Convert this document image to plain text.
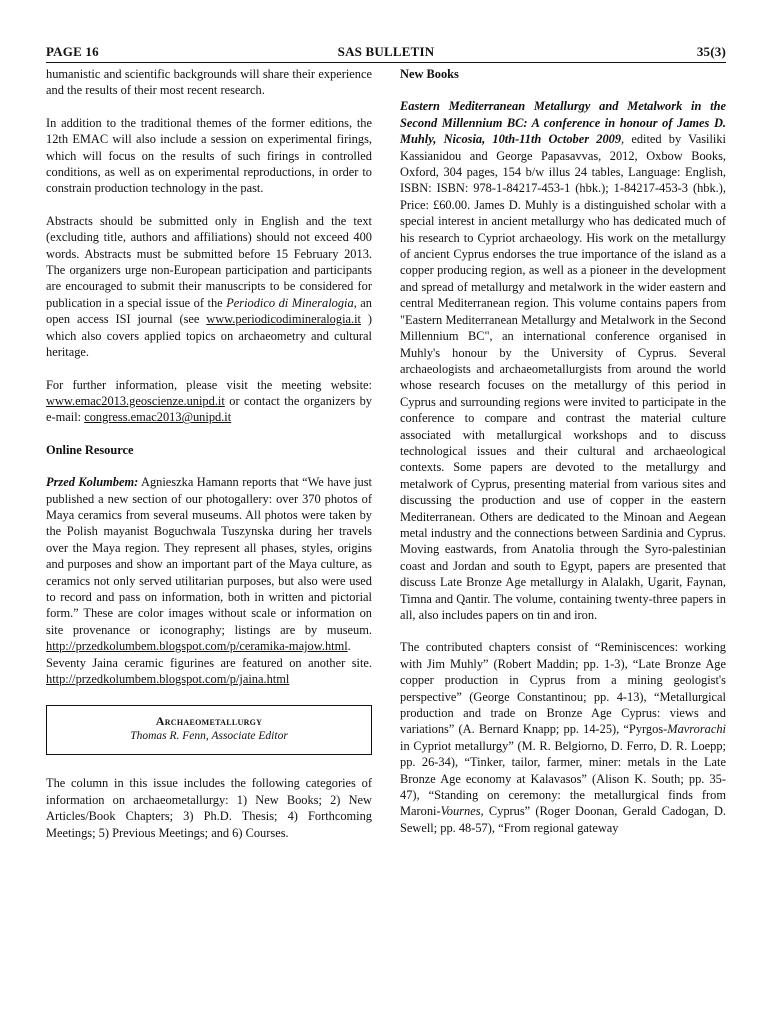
PAGE 16	SAS BULLETIN	35(3)

humanistic and scientific backgrounds will share their experience and the results of their most recent research.

In addition to the traditional themes of the former editions, the 12th EMAC will also include a session on experimental firings, which will focus on the results of such firings in controlled conditions, as well as on experimental reproductions, in order to constrain production technology in the past.

Abstracts should be submitted only in English and the text (excluding title, authors and affiliations) should not exceed 400 words. Abstracts must be submitted before 15 February 2013. The organizers urge non-European participation and participants are encouraged to submit their manuscripts to be considered for publication in a special issue of the Periodico di Mineralogia, an open access ISI journal (see www.periodicodimineralogia.it ) which also covers applied topics on archaeometry and cultural heritage.

For further information, please visit the meeting website: www.emac2013.geoscienze.unipd.it or contact the organizers by e-mail: congress.emac2013@unipd.it

Online Resource

Przed Kolumbem: Agnieszka Hamann reports that “We have just published a new section of our photogallery: over 370 photos of Maya ceramics from several museums. All photos were taken by the Polish mayanist Boguchwala Tuszynska during her travels over the Maya region. They represent all phases, styles, origins and purposes and show an important part of the Maya culture, as ceramics not only served utilitarian purposes, but also were used to record and pass on information, both in written and pictorial form.” These are color images without scale or information on site provenance or iconography; listings are by museum. http://przedkolumbem.blogspot.com/p/ceramika-majow.html. Seventy Jaina ceramic figurines are featured on another site. http://przedkolumbem.blogspot.com/p/jaina.html

Archaeometallurgy
Thomas R. Fenn, Associate Editor

The column in this issue includes the following categories of information on archaeometallurgy: 1) New Books; 2) New Articles/Book Chapters; 3) Ph.D. Thesis; 4) Forthcoming Meetings; 5) Previous Meetings; and 6) Courses.

New Books

Eastern Mediterranean Metallurgy and Metalwork in the Second Millennium BC: A conference in honour of James D. Muhly, Nicosia, 10th-11th October 2009, edited by Vasiliki Kassianidou and George Papasavvas, 2012, Oxbow Books, Oxford, 304 pages, 154 b/w illus 24 tables, Language: English, ISBN: ISBN: 978-1-84217-453-1 (hbk.); 1-84217-453-3 (hbk.), Price: £60.00. James D. Muhly is a distinguished scholar with a special interest in ancient metallurgy who has dedicated much of his research to Cypriot archaeology. His work on the metallurgy of ancient Cyprus endorses the true importance of the island as a copper producing region, as well as a pioneer in the development and spread of metallurgy and metalwork in the wider eastern and central Mediterranean region. This volume contains papers from "Eastern Mediterranean Metallurgy and Metalwork in the Second Millennium BC", an international conference organised in Muhly's honour by the University of Cyprus. Several archaeologists and archaeometallurgists from around the world whose research focuses on the metallurgy of this period in Cyprus and surrounding regions were invited to participate in the conference to compare and contrast the material culture associated with metallurgical workshops and to discuss technological issues and their cultural and archaeological contexts. Some papers are devoted to the metallurgy and metalwork of Cyprus, presenting material from various sites and discussing the production and use of copper in the eastern Mediterranean. Others are dedicated to the Minoan and Aegean metal industry and the connections between Sardinia and Cyprus. Moving eastwards, from Anatolia through the Syro-palestinian coast and Jordan and south to Egypt, papers are presented that discuss Late Bronze Age metallurgy in Alalakh, Ugarit, Faynan, Timna and Qantir. The volume, containing twenty-three papers in all, also includes papers on tin and iron.

The contributed chapters consist of “Reminiscences: working with Jim Muhly” (Robert Maddin; pp. 1-3), “Late Bronze Age copper production in Cyprus from a mining geologist's perspective” (George Constantinou; pp. 4-13), “Metallurgical production and trade on Bronze Age Cyprus: views and variations” (A. Bernard Knapp; pp. 14-25), “Pyrgos-Mavrorachi in Cypriot metallurgy” (M. R. Belgiorno, D. Ferro, D. R. Loepp; pp. 26-34), “Tinker, tailor, farmer, miner: metals in the Late Bronze Age economy at Kalavasos” (Alison K. South; pp. 35-47), “Standing on ceremony: the metallurgical finds from Maroni-Vournes, Cyprus” (Roger Doonan, Gerald Cadogan, D. Sewell; pp. 48-57), “From regional gateway
